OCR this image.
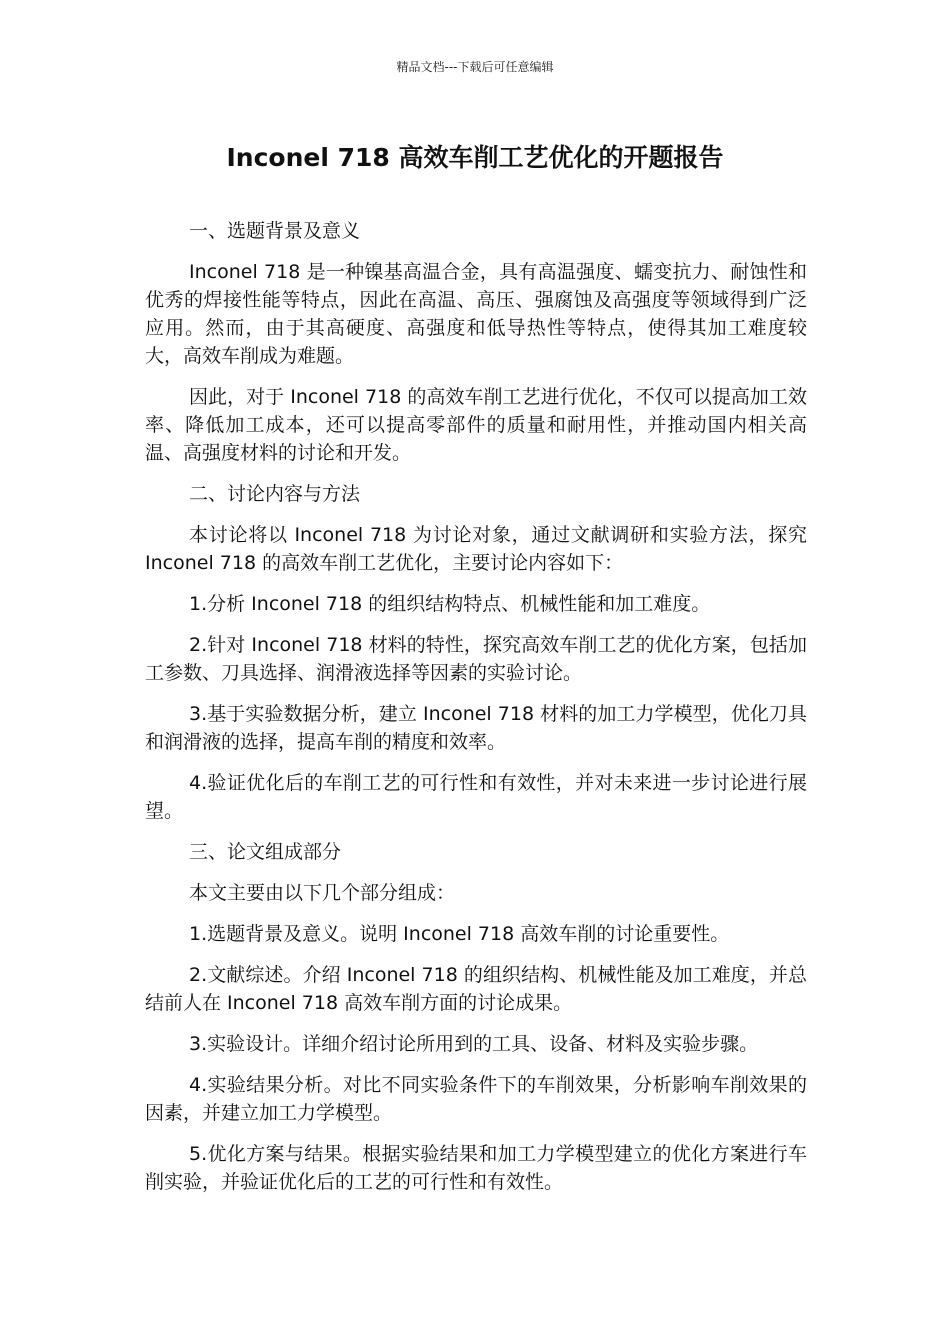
精品文档---下载后可任意编辑
Inconel 718 高效车削工艺优化的开题报告

一、选题背景及意义

Inconel 718 是一种镍基高温合金，具有高温强度、蠕变抗力、耐蚀性和优秀的焊接性能等特点，因此在高温、高压、强腐蚀及高强度等领域得到广泛应用。然而，由于其高硬度、高强度和低导热性等特点，使得其加工难度较大，高效车削成为难题。

因此，对于 Inconel 718 的高效车削工艺进行优化，不仅可以提高加工效率、降低加工成本，还可以提高零部件的质量和耐用性，并推动国内相关高温、高强度材料的讨论和开发。

二、讨论内容与方法

本讨论将以 Inconel 718 为讨论对象，通过文献调研和实验方法，探究 Inconel 718 的高效车削工艺优化，主要讨论内容如下：

1.分析 Inconel 718 的组织结构特点、机械性能和加工难度。

2.针对 Inconel 718 材料的特性，探究高效车削工艺的优化方案，包括加工参数、刀具选择、润滑液选择等因素的实验讨论。

3.基于实验数据分析，建立 Inconel 718 材料的加工力学模型，优化刀具和润滑液的选择，提高车削的精度和效率。

4.验证优化后的车削工艺的可行性和有效性，并对未来进一步讨论进行展望。

三、论文组成部分

本文主要由以下几个部分组成：

1.选题背景及意义。说明 Inconel 718 高效车削的讨论重要性。

2.文献综述。介绍 Inconel 718 的组织结构、机械性能及加工难度，并总结前人在 Inconel 718 高效车削方面的讨论成果。

3.实验设计。详细介绍讨论所用到的工具、设备、材料及实验步骤。

4.实验结果分析。对比不同实验条件下的车削效果，分析影响车削效果的因素，并建立加工力学模型。

5.优化方案与结果。根据实验结果和加工力学模型建立的优化方案进行车削实验，并验证优化后的工艺的可行性和有效性。
